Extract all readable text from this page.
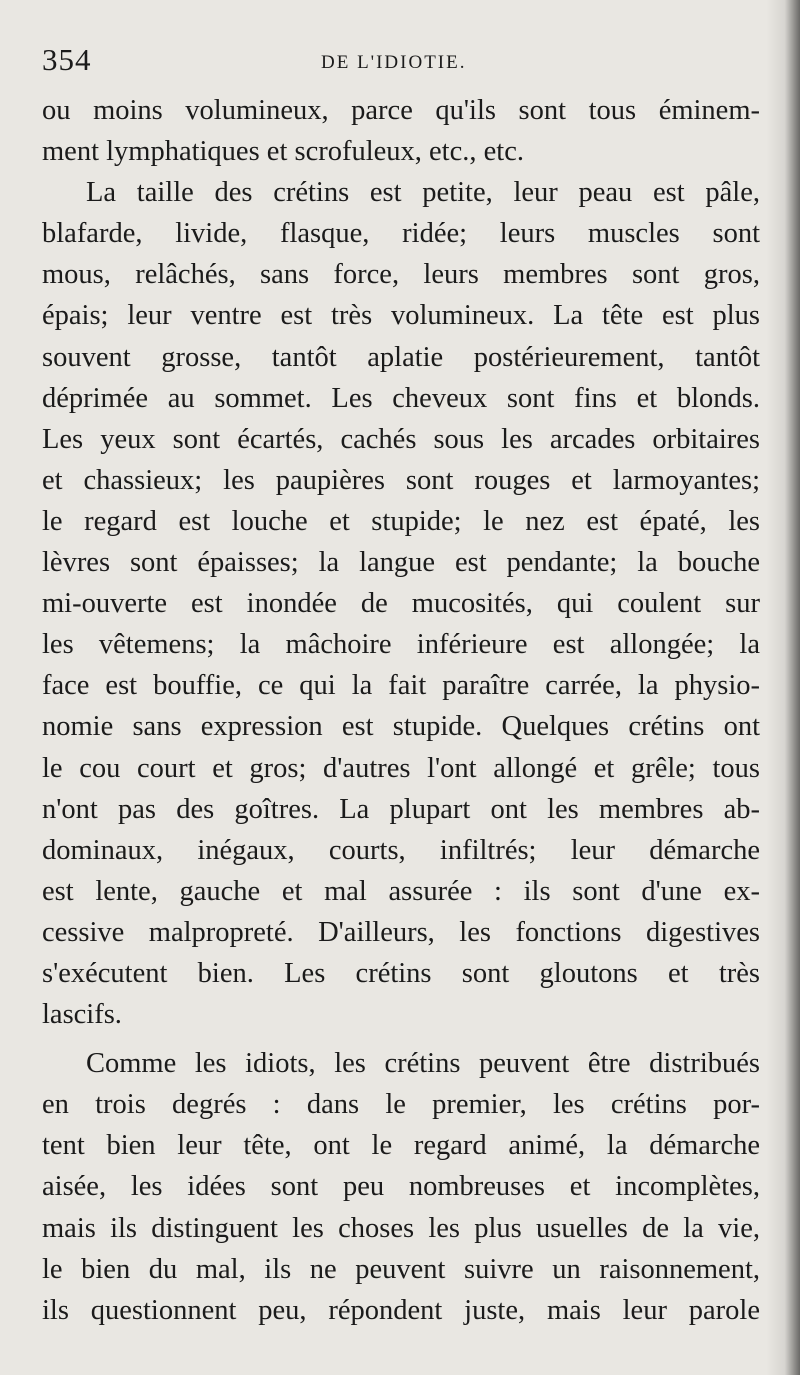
354	DE L'IDIOTIE.
ou moins volumineux, parce qu'ils sont tous éminem-
ment lymphatiques et scrofuleux, etc., etc.
La taille des crétins est petite, leur peau est pâle,
blafarde, livide, flasque, ridée; leurs muscles sont
mous, relâchés, sans force, leurs membres sont gros,
épais; leur ventre est très volumineux. La tête est plus
souvent grosse, tantôt aplatie postérieurement, tantôt
déprimée au sommet. Les cheveux sont fins et blonds.
Les yeux sont écartés, cachés sous les arcades orbitaires
et chassieux; les paupières sont rouges et larmoyantes;
le regard est louche et stupide; le nez est épaté, les
lèvres sont épaisses; la langue est pendante; la bouche
mi-ouverte est inondée de mucosités, qui coulent sur
les vêtemens; la mâchoire inférieure est allongée; la
face est bouffie, ce qui la fait paraître carrée, la physio-
nomie sans expression est stupide. Quelques crétins ont
le cou court et gros; d'autres l'ont allongé et grêle; tous
n'ont pas des goîtres. La plupart ont les membres ab-
dominaux, inégaux, courts, infiltrés; leur démarche
est lente, gauche et mal assurée : ils sont d'une ex-
cessive malpropreté. D'ailleurs, les fonctions digestives
s'exécutent bien. Les crétins sont gloutons et très
lascifs.
Comme les idiots, les crétins peuvent être distribués
en trois degrés : dans le premier, les crétins por-
tent bien leur tête, ont le regard animé, la démarche
aisée, les idées sont peu nombreuses et incomplètes,
mais ils distinguent les choses les plus usuelles de la vie,
le bien du mal, ils ne peuvent suivre un raisonnement,
ils questionnent peu, répondent juste, mais leur parole
